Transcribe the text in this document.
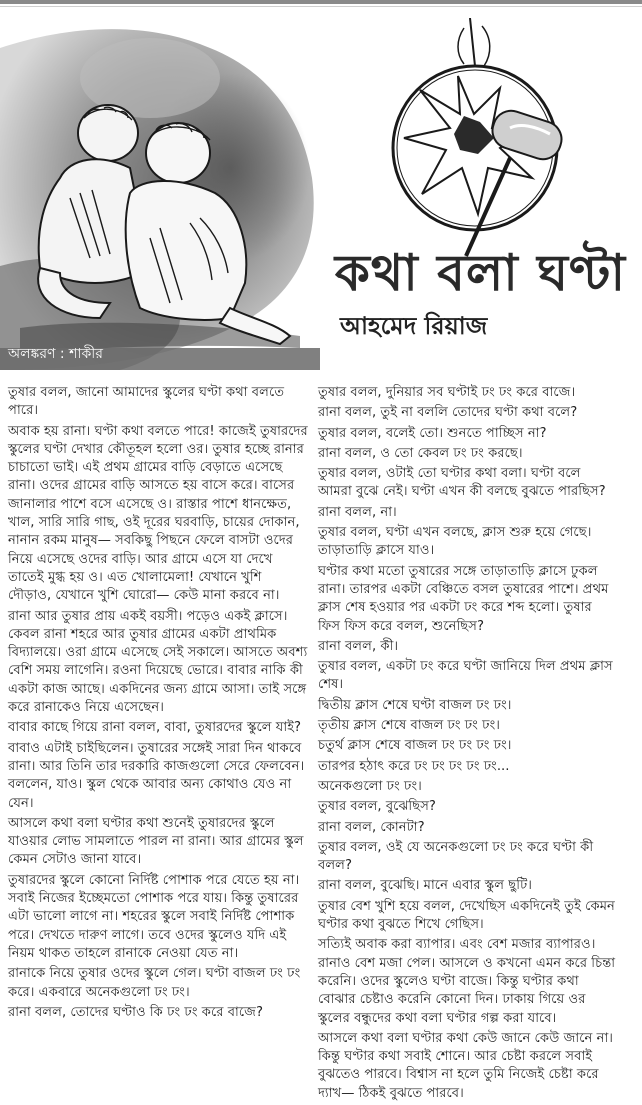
অলঙ্করণ : শাকীর
কথা বলা ঘণ্টা
আহমেদ রিয়াজ

তুষার বলল, জানো আমাদের স্কুলের ঘণ্টা কথা বলতে পারে।

অবাক হয় রানা। ঘণ্টা কথা বলতে পারে! কাজেই তুষারদের স্কুলের ঘণ্টা দেখার কৌতূহল হলো ওর। তুষার হচ্ছে রানার চাচাতো ভাই। এই প্রথম গ্রামের বাড়ি বেড়াতে এসেছে রানা। ওদের গ্রামের বাড়ি আসতে হয় বাসে করে। বাসের জানালার পাশে বসে এসেছে ও। রাস্তার পাশে ধানক্ষেত, খাল, সারি সারি গাছ, ওই দূরের ঘরবাড়ি, চায়ের দোকান, নানান রকম মানুষ— সবকিছু পিছনে ফেলে বাসটা ওদের নিয়ে এসেছে ওদের বাড়ি। আর গ্রামে এসে যা দেখে তাতেই মুগ্ধ হয় ও। এত খোলামেলা! যেখানে খুশি দৌড়াও, যেখানে খুশি ঘোরো— কেউ মানা করবে না।

রানা আর তুষার প্রায় একই বয়সী। পড়েও একই ক্লাসে। কেবল রানা শহরে আর তুষার গ্রামের একটা প্রাথমিক বিদ্যালয়ে। ওরা গ্রামে এসেছে সেই সকালে। আসতে অবশ্য বেশি সময় লাগেনি। রওনা দিয়েছে ভোরে। বাবার নাকি কী একটা কাজ আছে। একদিনের জন্য গ্রামে আসা। তাই সঙ্গে করে রানাকেও নিয়ে এসেছেন।

বাবার কাছে গিয়ে রানা বলল, বাবা, তুষারদের স্কুলে যাই?

বাবাও এটাই চাইছিলেন। তুষারের সঙ্গেই সারা দিন থাকবে রানা। আর তিনি তার দরকারি কাজগুলো সেরে ফেলবেন। বললেন, যাও। স্কুল থেকে আবার অন্য কোথাও যেও না যেন।

আসলে কথা বলা ঘণ্টার কথা শুনেই তুষারদের স্কুলে যাওয়ার লোভ সামলাতে পারল না রানা। আর গ্রামের স্কুল কেমন সেটাও জানা যাবে।

তুষারদের স্কুলে কোনো নির্দিষ্ট পোশাক পরে যেতে হয় না। সবাই নিজের ইচ্ছেমতো পোশাক পরে যায়। কিন্তু তুষারের এটা ভালো লাগে না। শহরের স্কুলে সবাই নির্দিষ্ট পোশাক পরে। দেখতে দারুণ লাগে। তবে ওদের স্কুলেও যদি এই নিয়ম থাকত তাহলে রানাকে নেওয়া যেত না।

রানাকে নিয়ে তুষার ওদের স্কুলে গেল। ঘণ্টা বাজল ঢং ঢং করে। একবারে অনেকগুলো ঢং ঢং।

রানা বলল, তোদের ঘণ্টাও কি ঢং ঢং করে বাজে?

তুষার বলল, দুনিয়ার সব ঘণ্টাই ঢং ঢং করে বাজে।

রানা বলল, তুই না বললি তোদের ঘণ্টা কথা বলে?

তুষার বলল, বলেই তো। শুনতে পাচ্ছিস না?

রানা বলল, ও তো কেবল ঢং ঢং করছে।

তুষার বলল, ওটাই তো ঘণ্টার কথা বলা। ঘণ্টা বলে আমরা বুঝে নেই। ঘণ্টা এখন কী বলছে বুঝতে পারছিস?

রানা বলল, না।

তুষার বলল, ঘণ্টা এখন বলছে, ক্লাস শুরু হয়ে গেছে। তাড়াতাড়ি ক্লাসে যাও।

ঘণ্টার কথা মতো তুষারের সঙ্গে তাড়াতাড়ি ক্লাসে ঢুকল রানা। তারপর একটা বেঞ্চিতে বসল তুষারের পাশে। প্রথম ক্লাস শেষ হওয়ার পর একটা ঢং করে শব্দ হলো। তুষার ফিস ফিস করে বলল, শুনেছিস?

রানা বলল, কী।

তুষার বলল, একটা ঢং করে ঘণ্টা জানিয়ে দিল প্রথম ক্লাস শেষ।

দ্বিতীয় ক্লাস শেষে ঘণ্টা বাজল ঢং ঢং।

তৃতীয় ক্লাস শেষে বাজল ঢং ঢং ঢং।

চতুর্থ ক্লাস শেষে বাজল ঢং ঢং ঢং ঢং।

তারপর হঠাৎ করে ঢং ঢং ঢং ঢং ঢং...

অনেকগুলো ঢং ঢং।

তুষার বলল, বুঝেছিস?

রানা বলল, কোনটা?

তুষার বলল, ওই যে অনেকগুলো ঢং ঢং করে ঘণ্টা কী বলল?

রানা বলল, বুঝেছি। মানে এবার স্কুল ছুটি।

তুষার বেশ খুশি হয়ে বলল, দেখেছিস একদিনেই তুই কেমন ঘণ্টার কথা বুঝতে শিখে গেছিস।

সত্যিই অবাক করা ব্যাপার। এবং বেশ মজার ব্যাপারও। রানাও বেশ মজা পেল। আসলে ও কখনো এমন করে চিন্তা করেনি। ওদের স্কুলেও ঘণ্টা বাজে। কিন্তু ঘণ্টার কথা বোঝার চেষ্টাও করেনি কোনো দিন। ঢাকায় গিয়ে ওর স্কুলের বন্ধুদের কথা বলা ঘণ্টার গল্প করা যাবে।

আসলে কথা বলা ঘণ্টার কথা কেউ জানে কেউ জানে না। কিন্তু ঘণ্টার কথা সবাই শোনে। আর চেষ্টা করলে সবাই বুঝতেও পারবে। বিশ্বাস না হলে তুমি নিজেই চেষ্টা করে দ্যাখ— ঠিকই বুঝতে পারবে।
